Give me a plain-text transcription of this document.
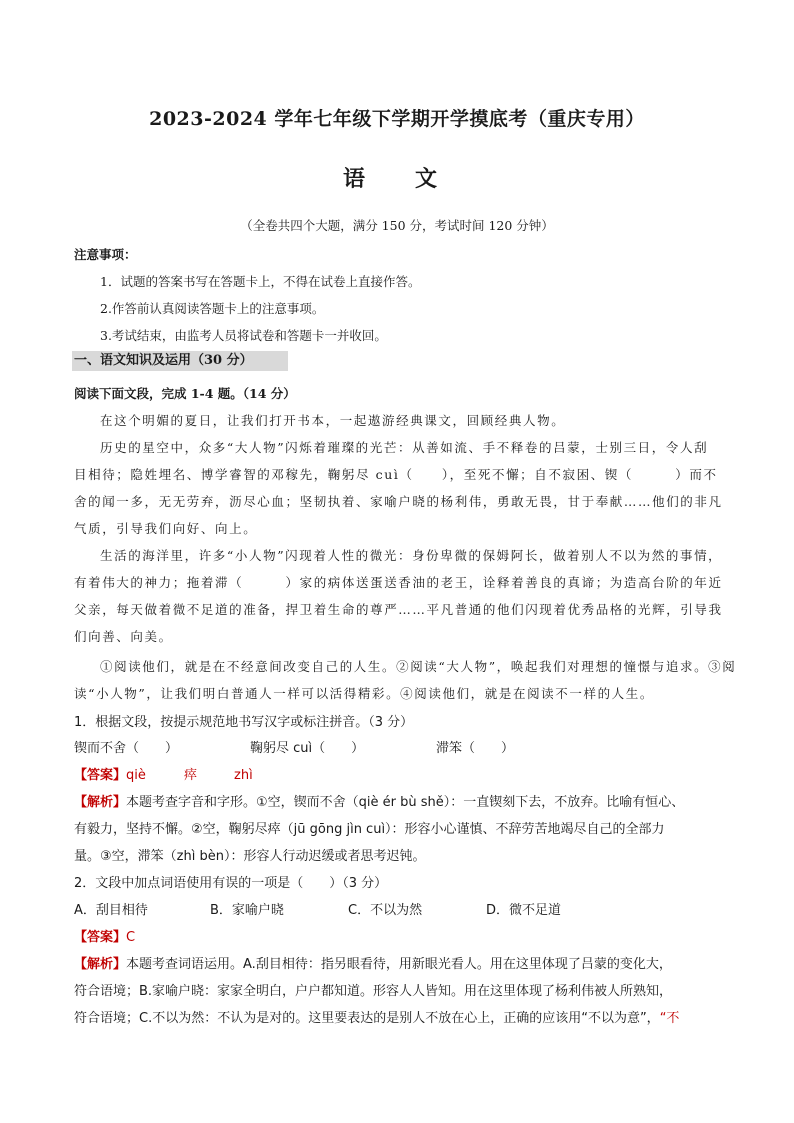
2023-2024 学年七年级下学期开学摸底考（重庆专用）
语　文
（全卷共四个大题，满分 150 分，考试时间 120 分钟）
注意事项：
1．试题的答案书写在答题卡上，不得在试卷上直接作答。
2.作答前认真阅读答题卡上的注意事项。
3.考试结束，由监考人员将试卷和答题卡一并收回。
一、语文知识及运用（30 分）
阅读下面文段，完成 1-4 题。（14 分）
在这个明媚的夏日，让我们打开书本，一起遨游经典课文，回顾经典人物。
历史的星空中，众多“大人物”闪烁着璀璨的光芒：从善如流、手不释卷的吕蒙，士别三日，令人刮
目相待；隐姓埋名、博学睿智的邓稼先，鞠躬尽 cuì（　　），至死不懈；自不寂困、锲（　　　）而不
舍的闻一多，无无劳弃，沥尽心血；坚韧执着、家喻户晓的杨利伟，勇敢无畏，甘于奉献……他们的非凡
气质，引导我们向好、向上。
生活的海洋里，许多“小人物”闪现着人性的微光：身份卑微的保姆阿长，做着别人不以为然的事情，
有着伟大的神力；拖着滞（　　　）家的病体送蛋送香油的老王，诠释着善良的真谛；为造高台阶的年近
父亲，每天做着微不足道的准备，捍卫着生命的尊严……平凡普通的他们闪现着优秀品格的光辉，引导我
们向善、向美。
①阅读他们，就是在不经意间改变自己的人生。②阅读“大人物”，唤起我们对理想的憧憬与追求。③阅
读“小人物”，让我们明白普通人一样可以活得精彩。④阅读他们，就是在阅读不一样的人生。
1．根据文段，按提示规范地书写汉字或标注拼音。（3 分）
锲而不舍（　　）	鞠躬尽 cuì（　　）	滞笨（　　）
【答案】qiè	瘁	zhì
【解析】本题考查字音和字形。①空，锲而不舍（qiè ér bù shě）：一直锲刻下去，不放弃。比喻有恒心、
有毅力，坚持不懈。②空，鞠躬尽瘁（jū gōng jìn cuì）：形容小心谨慎、不辞劳苦地竭尽自己的全部力
量。③空，滞笨（zhì bèn）：形容人行动迟缓或者思考迟钝。
2．文段中加点词语使用有误的一项是（　　）（3 分）
A．刮目相待	B．家喻户晓	C．不以为然	D．微不足道
【答案】C
【解析】本题考查词语运用。A.刮目相待：指另眼看待，用新眼光看人。用在这里体现了吕蒙的变化大，
符合语境；B.家喻户晓：家家全明白，户户都知道。形容人人皆知。用在这里体现了杨利伟被人所熟知，
符合语境；C.不以为然：不认为是对的。这里要表达的是别人不放在心上，正确的应该用“不以为意”，“不
